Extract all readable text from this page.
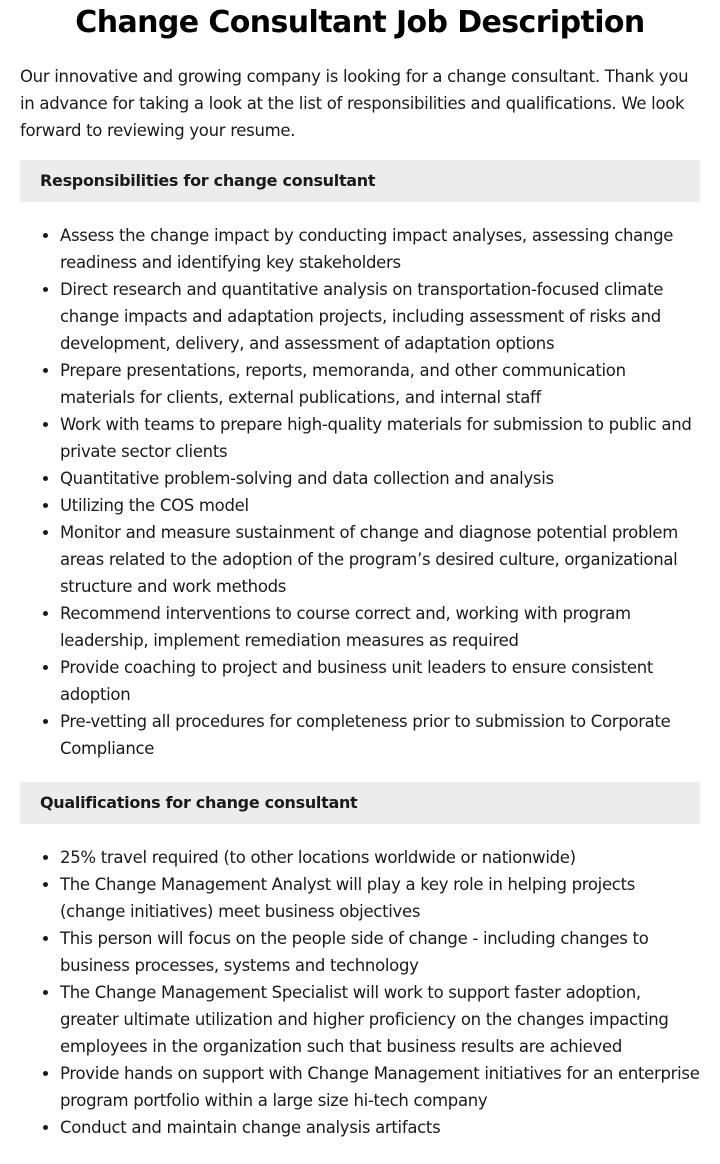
Change Consultant Job Description

Our innovative and growing company is looking for a change consultant. Thank you in advance for taking a look at the list of responsibilities and qualifications. We look forward to reviewing your resume.

Responsibilities for change consultant
• Assess the change impact by conducting impact analyses, assessing change readiness and identifying key stakeholders
• Direct research and quantitative analysis on transportation-focused climate change impacts and adaptation projects, including assessment of risks and development, delivery, and assessment of adaptation options
• Prepare presentations, reports, memoranda, and other communication materials for clients, external publications, and internal staff
• Work with teams to prepare high-quality materials for submission to public and private sector clients
• Quantitative problem-solving and data collection and analysis
• Utilizing the COS model
• Monitor and measure sustainment of change and diagnose potential problem areas related to the adoption of the program’s desired culture, organizational structure and work methods
• Recommend interventions to course correct and, working with program leadership, implement remediation measures as required
• Provide coaching to project and business unit leaders to ensure consistent adoption
• Pre-vetting all procedures for completeness prior to submission to Corporate Compliance
Qualifications for change consultant
• 25% travel required (to other locations worldwide or nationwide)
• The Change Management Analyst will play a key role in helping projects (change initiatives) meet business objectives
• This person will focus on the people side of change - including changes to business processes, systems and technology
• The Change Management Specialist will work to support faster adoption, greater ultimate utilization and higher proficiency on the changes impacting employees in the organization such that business results are achieved
• Provide hands on support with Change Management initiatives for an enterprise program portfolio within a large size hi-tech company
• Conduct and maintain change analysis artifacts
